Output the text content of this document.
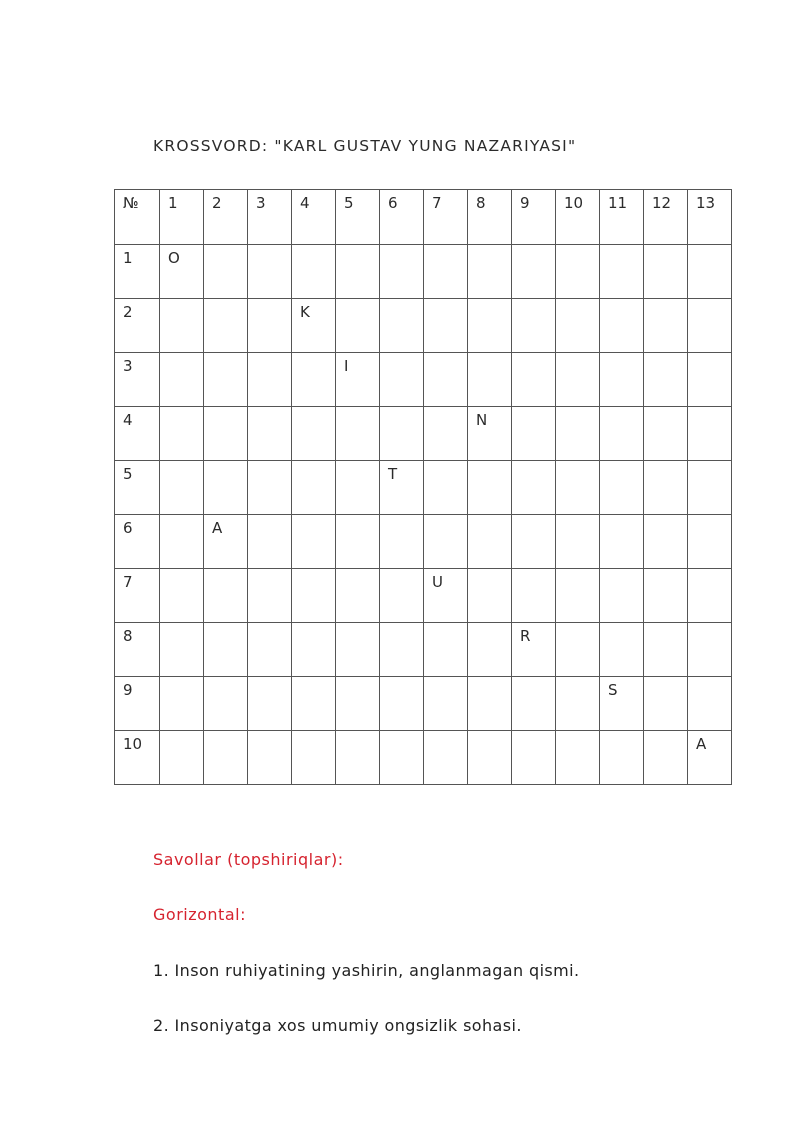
KROSSVORD: "KARL GUSTAV YUNG NAZARIYASI"
№	1	2	3	4	5	6	7	8	9	10	11	12	13
1	O												
2				K									
3					I								
4								N					
5						T							
6		A											
7							U						
8									R				
9											S		
10													A
Savollar (topshiriqlar):
Gorizontal:
1. Inson ruhiyatining yashirin, anglanmagan qismi.
2. Insoniyatga xos umumiy ongsizlik sohasi.
